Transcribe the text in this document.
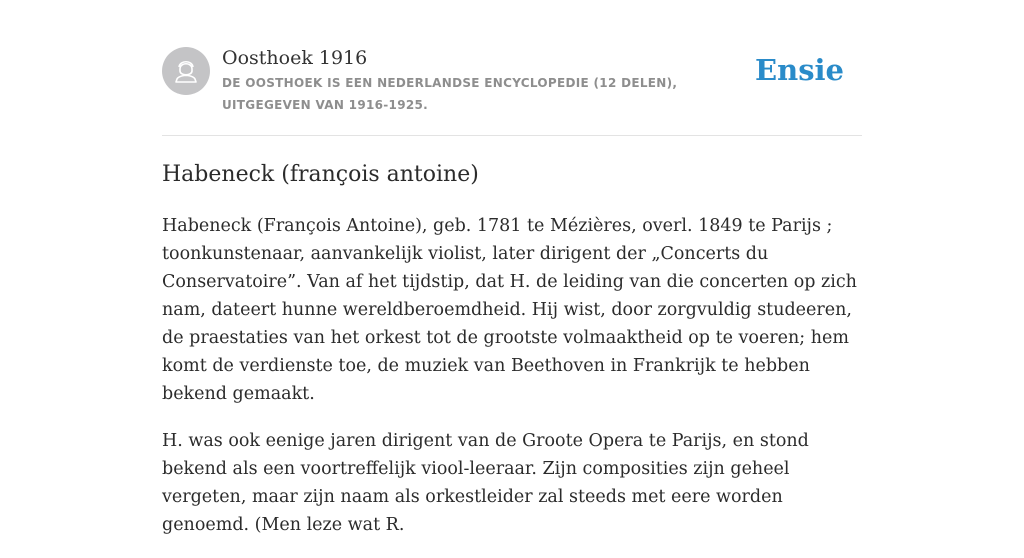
Oosthoek 1916
DE OOSTHOEK IS EEN NEDERLANDSE ENCYCLOPEDIE (12 DELEN), UITGEGEVEN VAN 1916-1925.
Ensie
Habeneck (françois antoine)

Habeneck (François Antoine), geb. 1781 te Mézières, overl. 1849 te Parijs ; toonkunstenaar, aanvankelijk violist, later dirigent der „Concerts du Conservatoire”. Van af het tijdstip, dat H. de leiding van die concerten op zich nam, dateert hunne wereldberoemdheid. Hij wist, door zorgvuldig studeeren, de praestaties van het orkest tot de grootste volmaaktheid op te voeren; hem komt de verdienste toe, de muziek van Beethoven in Frankrijk te hebben bekend gemaakt.

H. was ook eenige jaren dirigent van de Groote Opera te Parijs, en stond bekend als een voortreffelijk viool-leeraar. Zijn composities zijn geheel vergeten, maar zijn naam als orkestleider zal steeds met eere worden genoemd. (Men leze wat R.
